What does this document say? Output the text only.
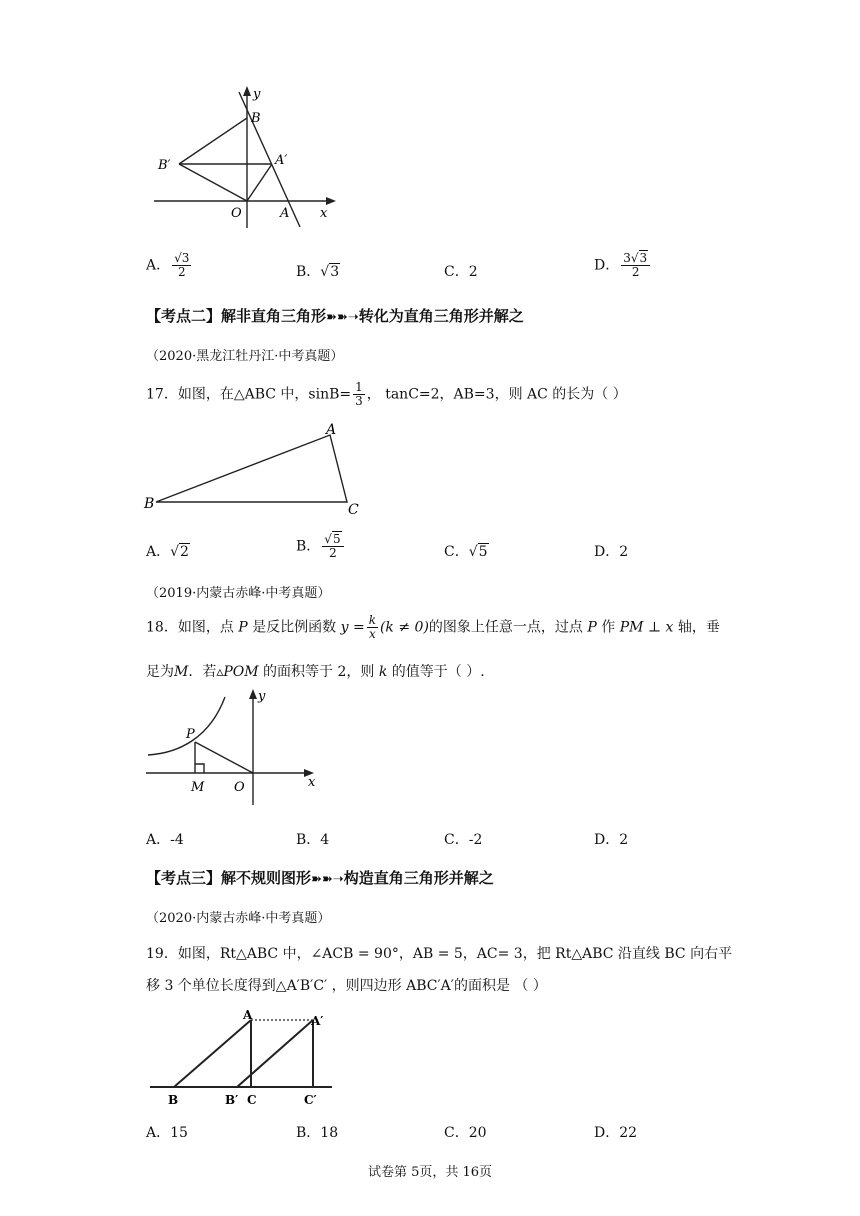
y
B
B′	A′
O	A x
A． $\frac{√3}{2}$	B．√3	C．2	D． $\frac{3√3}{2}$
【考点二】解非直角三角形➽➽➝转化为直角三角形并解之
（2020·黑龙江牡丹江·中考真题）
17．如图，在△ABC 中，$\sin B= \frac{1}{3}$ ， tanC=2，AB=3，则 AC 的长为（ ）
A
B	C
A．√2	B． $\frac{√5}{2}$	C．√5	D．2
（2019·内蒙古赤峰·中考真题）
18．如图，点 P 是反比例函数 $y = \frac{k}{x} (k \ne 0)$的图象上任意一点，过点 P 作 PM ⊥ x 轴，垂
足为M．若▵POM 的面积等于 2，则 k 的值等于（ ）.
P
M O
y
x
A．-4	B．4	C．-2	D．2
【考点三】解不规则图形➽➽➝构造直角三角形并解之
（2020·内蒙古赤峰·中考真题）
19．如图，Rt△ABC 中，∠ACB = 90°，AB = 5，AC= 3，把 Rt△ABC 沿直线 BC 向右平
移 3 个单位长度得到△A′B′C′ ，则四边形 ABC′A′的面积是 （ ）
A	A′
B	B′ C	C′
A．15	B．18	C．20	D．22
试卷第 5页，共 16页
